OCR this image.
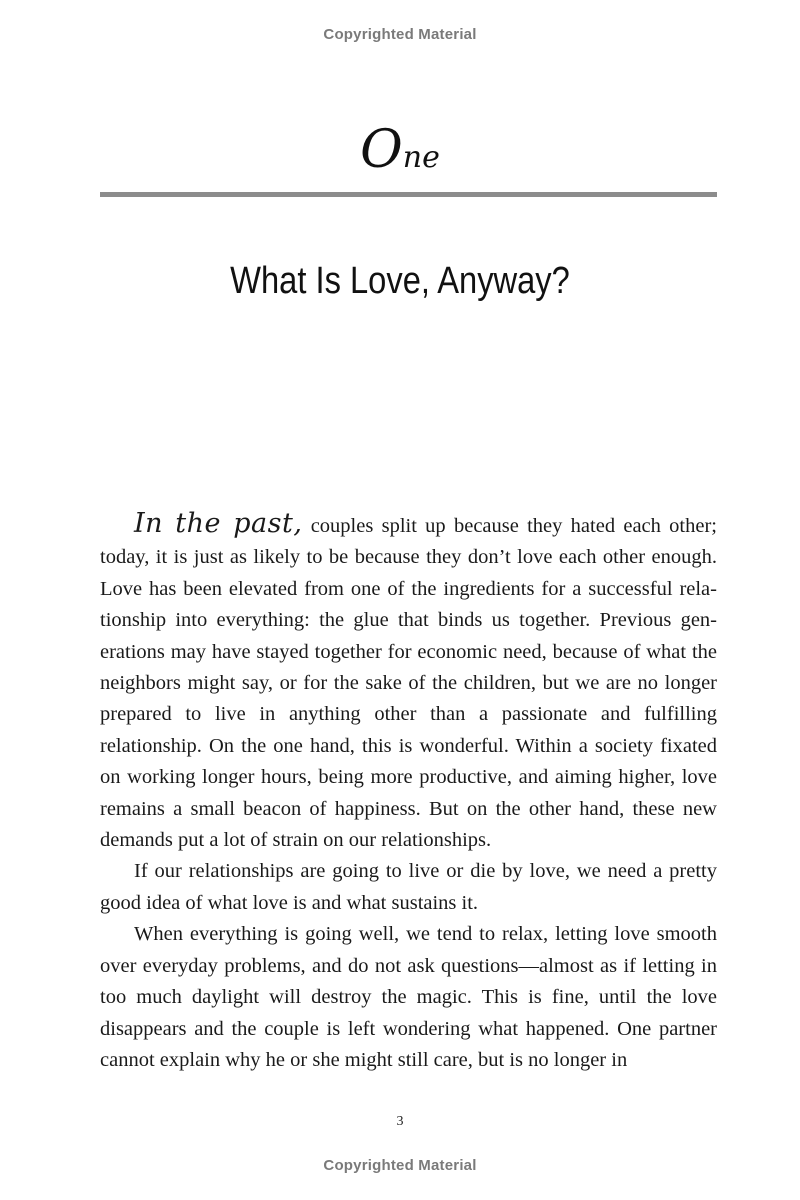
Copyrighted Material
One
What Is Love, Anyway?

In the past, couples split up because they hated each other; today, it is just as likely to be because they don’t love each other enough. Love has been elevated from one of the ingredients for a successful relationship into everything: the glue that binds us together. Previous generations may have stayed together for economic need, because of what the neighbors might say, or for the sake of the children, but we are no longer prepared to live in anything other than a passionate and fulfilling relationship. On the one hand, this is wonderful. Within a society fixated on working longer hours, being more productive, and aiming higher, love remains a small beacon of happiness. But on the other hand, these new demands put a lot of strain on our relationships.

If our relationships are going to live or die by love, we need a pretty good idea of what love is and what sustains it.

When everything is going well, we tend to relax, letting love smooth over everyday problems, and do not ask questions—almost as if letting in too much daylight will destroy the magic. This is fine, until the love disappears and the couple is left wondering what happened. One partner cannot explain why he or she might still care, but is no longer in

3
Copyrighted Material
